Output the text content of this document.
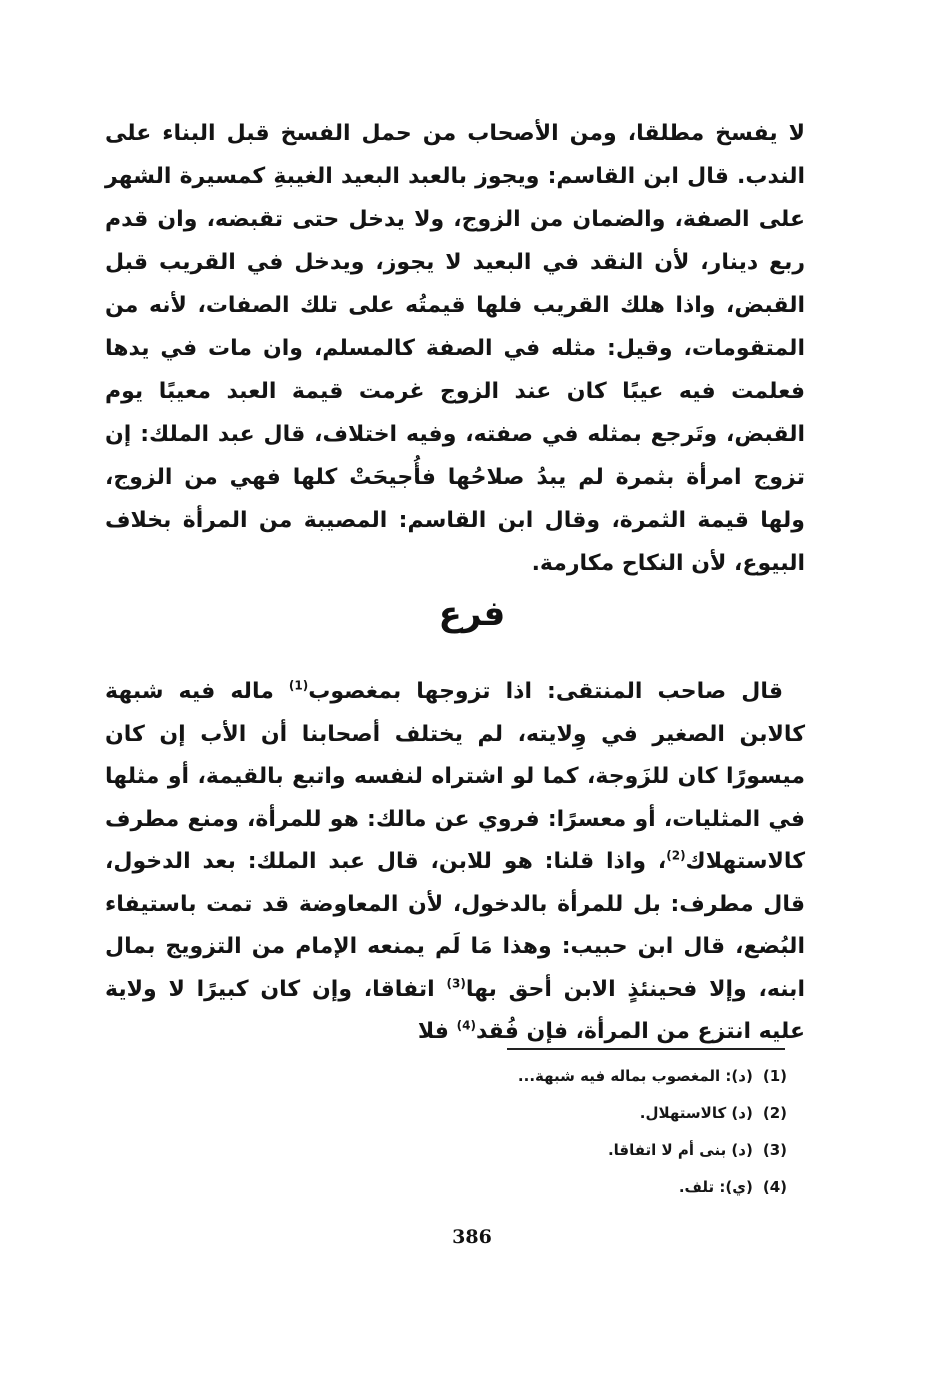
لا يفسخ مطلقا، ومن الأصحاب من حمل الفسخ قبل البناء على الندب. قال ابن القاسم: ويجوز بالعبد البعيد الغيبةِ كمسيرة الشهر على الصفة، والضمان من الزوج، ولا يدخل حتى تقبضه، وان قدم ربع دينار، لأن النقد في البعيد لا يجوز، ويدخل في القريب قبل القبض، واذا هلك القريب فلها قيمتُه على تلك الصفات، لأنه من المتقومات، وقيل: مثله في الصفة كالمسلم، وان مات في يدها فعلمت فيه عيبًا كان عند الزوج غرمت قيمة العبد معيبًا يوم القبض، وتَرجع بمثله في صفته، وفيه اختلاف، قال عبد الملك: إن تزوج امرأة بثمرة لم يبدُ صلاحُها فأُجيحَتْ كلها فهي من الزوج، ولها قيمة الثمرة، وقال ابن القاسم: المصيبة من المرأة بخلاف البيوع، لأن النكاح مكارمة.
فرع
قال صاحب المنتقى: اذا تزوجها بمغصوب$^{(1)}$ ماله فيه شبهة كالابن الصغير في وِلايته، لم يختلف أصحابنا أن الأب إن كان ميسورًا كان للزَوجة، كما لو اشتراه لنفسه واتبع بالقيمة، أو مثلها في المثليات، أو معسرًا: فروي عن مالك: هو للمرأة، ومنع مطرف كالاستهلاك$^{(2)}$، واذا قلنا: هو للابن، قال عبد الملك: بعد الدخول، قال مطرف: بل للمرأة بالدخول، لأن المعاوضة قد تمت باستيفاء البُضع، قال ابن حبيب: وهذا مَا لَم يمنعه الإمام من التزويج بمال ابنه، وإلا فحينئذٍ الابن أحق بها$^{(3)}$ اتفاقا، وإن كان كبيرًا لا ولاية عليه انتزع من المرأة، فإن فُقد$^{(4)}$ فلا
(1)(د): المغصوب بماله فيه شبهة...
(2)(د) كالاستهلال.
(3)(د) بنى أم لا اتفاقا.
(4)(ي): تلف.
386
